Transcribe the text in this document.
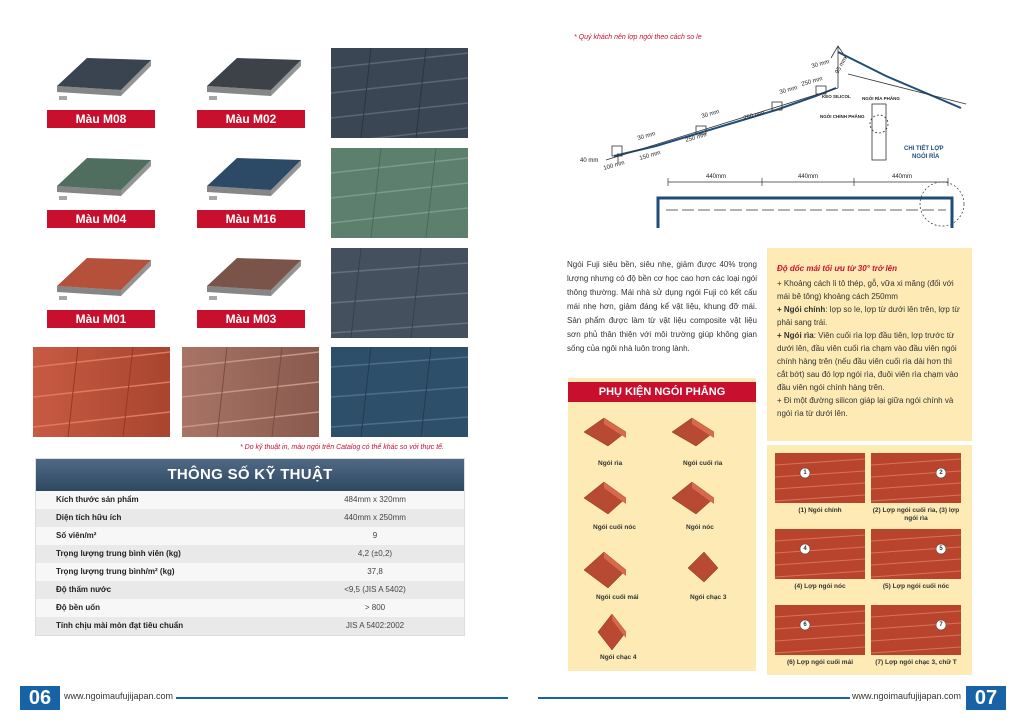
Màu M08	Màu M02
Màu M04	Màu M16
Màu M01	Màu M03
* Do kỹ thuật in, màu ngói trên Catalog có thể khác so với thực tế.
THÔNG SỐ KỸ THUẬT
Kích thước sản phẩm	484mm x 320mm
Diện tích hữu ích	440mm x 250mm
Số viên/m²	9
Trọng lượng trung bình viên (kg)	4,2 (±0,2)
Trọng lượng trung bình/m² (kg)	37,8
Độ thấm nước	<9,5 (JIS A 5402)
Độ bền uốn	> 800
Tính chịu mài mòn đạt tiêu chuẩn	JIS A 5402:2002
06	www.ngoimaufujijapan.com
* Quý khách nên lợp ngói theo cách so le
40 mm 100 mm
30 mm
150 mm
250 mm
30 mm	250 mm
30 mm
250 mm
30 mm 95 mm
KEO SILICOL NGÓI RÌA PHẲNG
NGÓI CHÍNH PHẲNG
CHI TIẾT LỢP
NGÓI RÌA
440mm	440mm	440mm
Ngói Fuji siêu bền, siêu nhẹ, giảm được 40% trọng lượng nhưng có độ bền cơ học cao hơn các loại ngói thông thường. Mái nhà sử dụng ngói Fuji có kết cấu mái nhẹ hơn, giảm đáng kể vật liệu, khung đỡ mái. Sản phẩm được làm từ vật liệu composite vật liệu sơn phủ thân thiện với môi trường giúp không gian sống của ngôi nhà luôn trong lành.
PHỤ KIỆN NGÓI PHẲNG
Ngói rìa	Ngói cuối rìa
Ngói cuối nóc	Ngói nóc
Ngói cuối mái	Ngói chạc 3
Ngói chạc 4
Độ dốc mái tối ưu từ 30° trở lên
+ Khoảng cách li tô thép, gỗ, vữa xi măng (đối với mái bê tông) khoảng cách 250mm
+ Ngói chính: lợp so le, lợp từ dưới lên trên, lợp từ phải sang trái.
+ Ngói rìa: Viên cuối rìa lợp đầu tiên, lợp trước từ dưới lên, đầu viên cuối rìa chạm vào đầu viên ngói chính hàng trên (nếu đầu viên cuối rìa dài hơn thì cắt bớt) sau đó lợp ngói rìa, đuôi viên rìa chạm vào đầu viên ngói chính hàng trên.
+ Đi một đường silicon giáp lại giữa ngói chính và ngói rìa từ dưới lên.
1
(1) Ngói chính
2
(2) Lợp ngói cuối rìa, (3) lợp ngói rìa
4
(4) Lợp ngói nóc
5
(5) Lợp ngói cuối nóc
6
(6) Lợp ngói cuối mái
7
(7) Lợp ngói chạc 3, chữ T
www.ngoimaufujijapan.com 07
